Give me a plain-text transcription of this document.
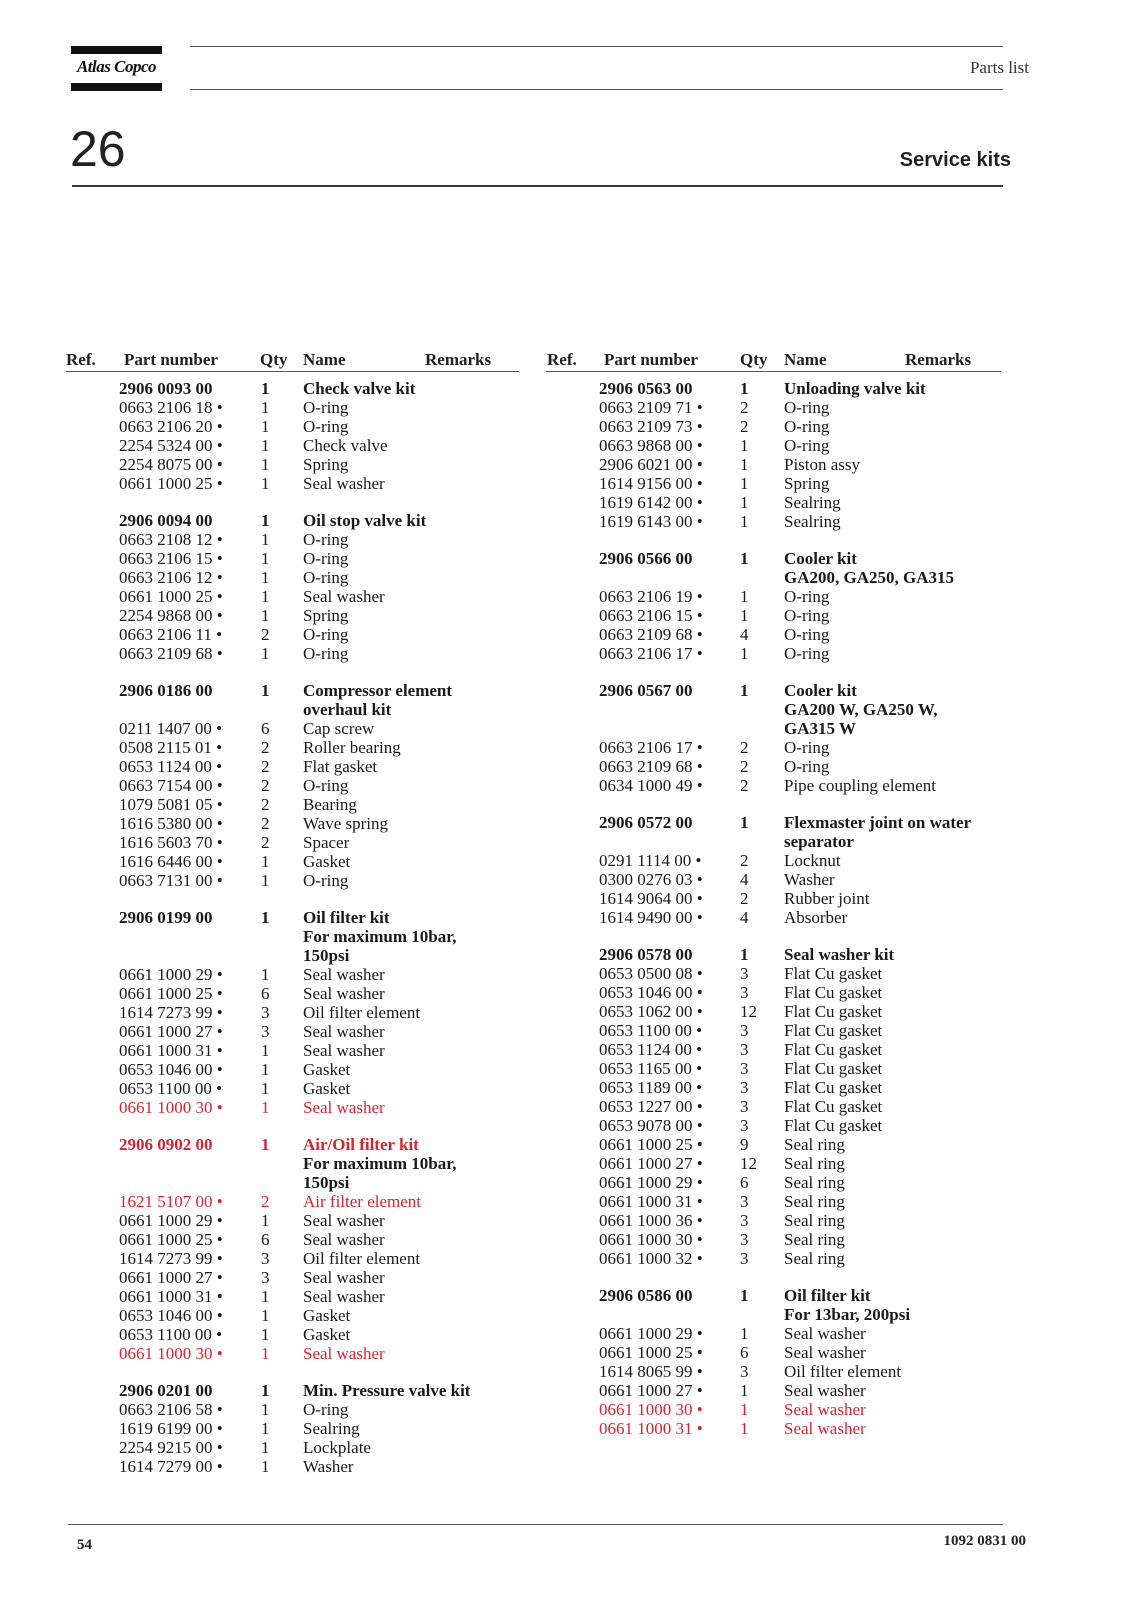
Atlas Copco	Parts list
26	Service kits
Ref. Part number Qty Name	Remarks
2906 0093 00	1 Check valve kit
0663 2106 18 • 1 O-ring
0663 2106 20 • 1 O-ring
2254 5324 00 • 1 Check valve
2254 8075 00 • 1 Spring
0661 1000 25 • 1 Seal washer
2906 0094 00	1 Oil stop valve kit
0663 2108 12 • 1 O-ring
0663 2106 15 • 1 O-ring
0663 2106 12 • 1 O-ring
0661 1000 25 • 1 Seal washer
2254 9868 00 • 1 Spring
0663 2106 11 • 2 O-ring
0663 2109 68 • 1 O-ring
2906 0186 00	1 Compressor element
overhaul kit
0211 1407 00 • 6 Cap screw
0508 2115 01 • 2 Roller bearing
0653 1124 00 • 2 Flat gasket
0663 7154 00 • 2 O-ring
1079 5081 05 • 2 Bearing
1616 5380 00 • 2 Wave spring
1616 5603 70 • 2 Spacer
1616 6446 00 • 1 Gasket
0663 7131 00 • 1 O-ring
2906 0199 00	1 Oil filter kit
For maximum 10bar,
150psi
0661 1000 29 • 1 Seal washer
0661 1000 25 • 6 Seal washer
1614 7273 99 • 3 Oil filter element
0661 1000 27 • 3 Seal washer
0661 1000 31 • 1 Seal washer
0653 1046 00 • 1 Gasket
0653 1100 00 • 1 Gasket
0661 1000 30 • 1 Seal washer
2906 0902 00	1 Air/Oil filter kit
For maximum 10bar,
150psi
1621 5107 00 • 2 Air filter element
0661 1000 29 • 1 Seal washer
0661 1000 25 • 6 Seal washer
1614 7273 99 • 3 Oil filter element
0661 1000 27 • 3 Seal washer
0661 1000 31 • 1 Seal washer
0653 1046 00 • 1 Gasket
0653 1100 00 • 1 Gasket
0661 1000 30 • 1 Seal washer
2906 0201 00	1 Min. Pressure valve kit
0663 2106 58 • 1 O-ring
1619 6199 00 • 1 Sealring
2254 9215 00 • 1 Lockplate
1614 7279 00 • 1 Washer
Ref. Part number Qty Name	Remarks
2906 0563 00	1 Unloading valve kit
0663 2109 71 • 2 O-ring
0663 2109 73 • 2 O-ring
0663 9868 00 • 1 O-ring
2906 6021 00 • 1 Piston assy
1614 9156 00 • 1 Spring
1619 6142 00 • 1 Sealring
1619 6143 00 • 1 Sealring
2906 0566 00	1 Cooler kit
GA200, GA250, GA315
0663 2106 19 • 1 O-ring
0663 2106 15 • 1 O-ring
0663 2109 68 • 4 O-ring
0663 2106 17 • 1 O-ring
2906 0567 00	1 Cooler kit
GA200 W, GA250 W,
GA315 W
0663 2106 17 • 2 O-ring
0663 2109 68 • 2 O-ring
0634 1000 49 • 2 Pipe coupling element
2906 0572 00	1 Flexmaster joint on water
separator
0291 1114 00 • 2 Locknut
0300 0276 03 • 4 Washer
1614 9064 00 • 2 Rubber joint
1614 9490 00 • 4 Absorber
2906 0578 00	1 Seal washer kit
0653 0500 08 • 3 Flat Cu gasket
0653 1046 00 • 3 Flat Cu gasket
0653 1062 00 • 12 Flat Cu gasket
0653 1100 00 • 3 Flat Cu gasket
0653 1124 00 • 3 Flat Cu gasket
0653 1165 00 • 3 Flat Cu gasket
0653 1189 00 • 3 Flat Cu gasket
0653 1227 00 • 3 Flat Cu gasket
0653 9078 00 • 3 Flat Cu gasket
0661 1000 25 • 9 Seal ring
0661 1000 27 • 12 Seal ring
0661 1000 29 • 6 Seal ring
0661 1000 31 • 3 Seal ring
0661 1000 36 • 3 Seal ring
0661 1000 30 • 3 Seal ring
0661 1000 32 • 3 Seal ring
2906 0586 00	1 Oil filter kit
For 13bar, 200psi
0661 1000 29 • 1 Seal washer
0661 1000 25 • 6 Seal washer
1614 8065 99 • 3 Oil filter element
0661 1000 27 • 1 Seal washer
0661 1000 30 • 1 Seal washer
0661 1000 31 • 1 Seal washer
54	1092 0831 00
